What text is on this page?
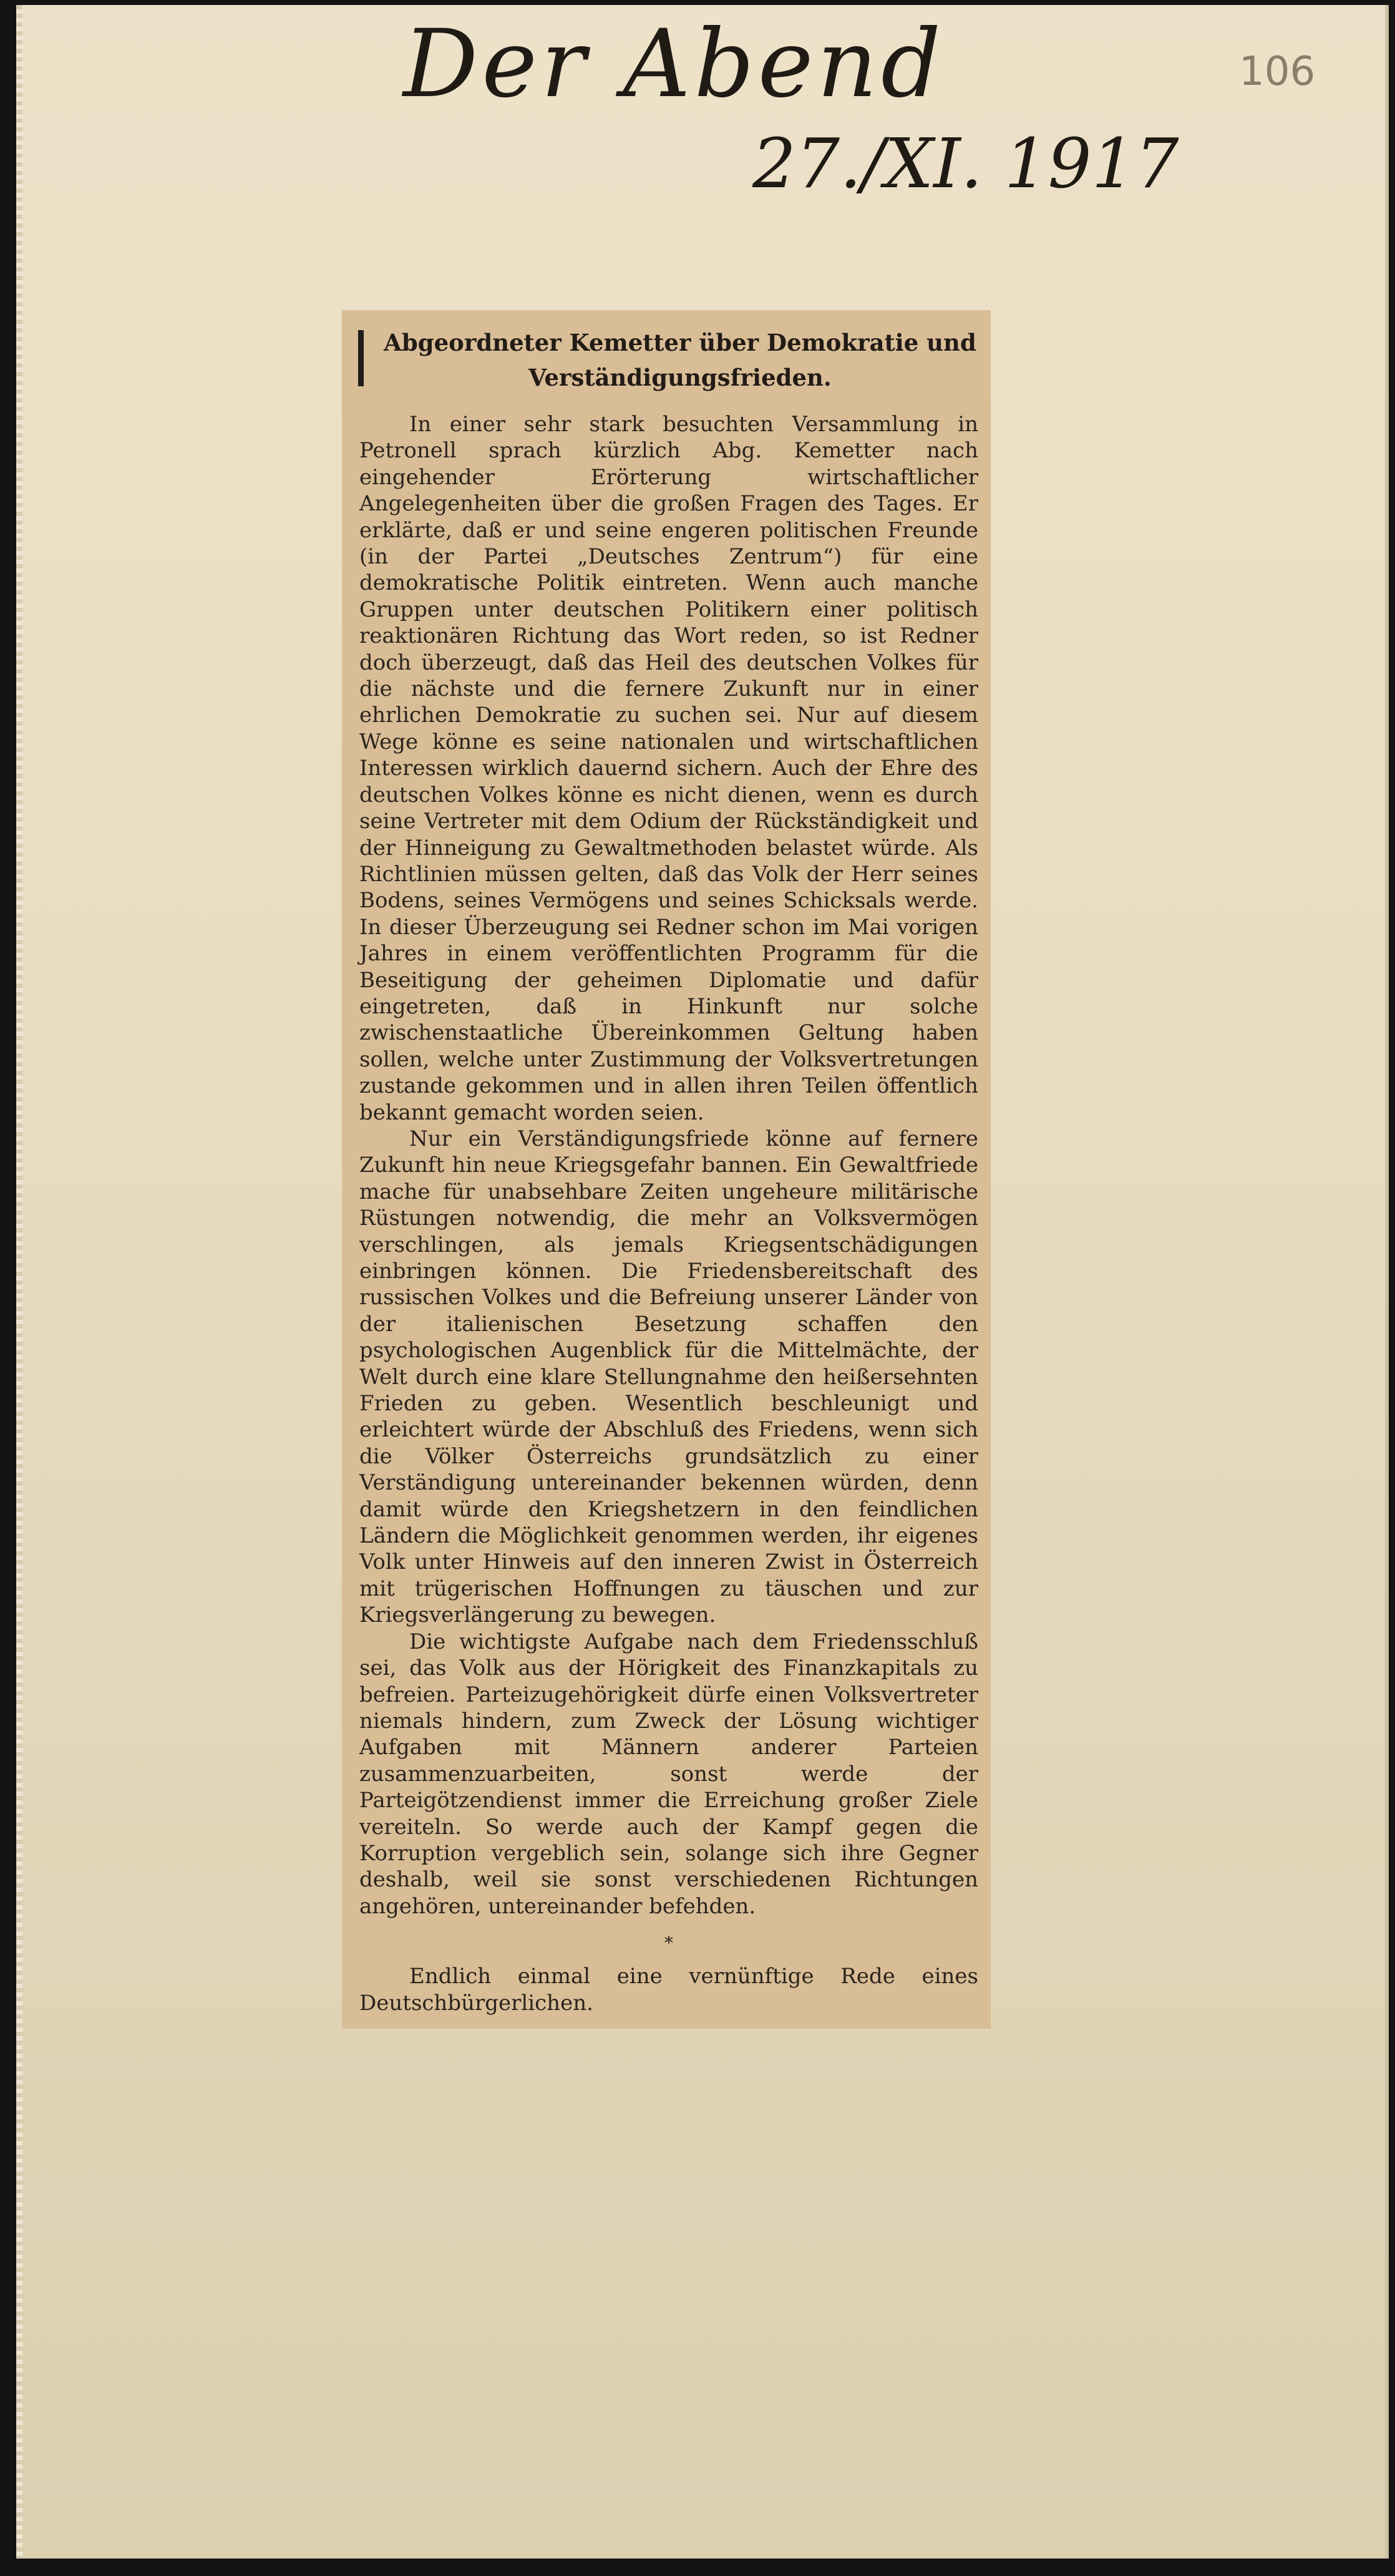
Der Abend
27./XI. 1917
106
Abgeordneter Kemetter über Demokratie und Verständigungsfrieden.

In einer sehr stark besuchten Versammlung in Petronell sprach kürzlich Abg. Kemetter nach eingehender Erörterung wirtschaftlicher Angelegenheiten über die großen Fragen des Tages. Er erklärte, daß er und seine engeren politischen Freunde (in der Partei „Deutsches Zentrum“) für eine demokratische Politik eintreten. Wenn auch manche Gruppen unter deutschen Politikern einer politisch reaktionären Richtung das Wort reden, so ist Redner doch überzeugt, daß das Heil des deutschen Volkes für die nächste und die fernere Zukunft nur in einer ehrlichen Demokratie zu suchen sei. Nur auf diesem Wege könne es seine nationalen und wirtschaftlichen Interessen wirklich dauernd sichern. Auch der Ehre des deutschen Volkes könne es nicht dienen, wenn es durch seine Vertreter mit dem Odium der Rückständigkeit und der Hinneigung zu Gewaltmethoden belastet würde. Als Richtlinien müssen gelten, daß das Volk der Herr seines Bodens, seines Vermögens und seines Schicksals werde. In dieser Überzeugung sei Redner schon im Mai vorigen Jahres in einem veröffentlichten Programm für die Beseitigung der geheimen Diplomatie und dafür eingetreten, daß in Hinkunft nur solche zwischenstaatliche Übereinkommen Geltung haben sollen, welche unter Zustimmung der Volksvertretungen zustande gekommen und in allen ihren Teilen öffentlich bekannt gemacht worden seien.

Nur ein Verständigungsfriede könne auf fernere Zukunft hin neue Kriegsgefahr bannen. Ein Gewaltfriede mache für unabsehbare Zeiten ungeheure militärische Rüstungen notwendig, die mehr an Volksvermögen verschlingen, als jemals Kriegsentschädigungen einbringen können. Die Friedensbereitschaft des russischen Volkes und die Befreiung unserer Länder von der italienischen Besetzung schaffen den psychologischen Augenblick für die Mittelmächte, der Welt durch eine klare Stellungnahme den heißersehnten Frieden zu geben. Wesentlich beschleunigt und erleichtert würde der Abschluß des Friedens, wenn sich die Völker Österreichs grundsätzlich zu einer Verständigung untereinander bekennen würden, denn damit würde den Kriegshetzern in den feindlichen Ländern die Möglichkeit genommen werden, ihr eigenes Volk unter Hinweis auf den inneren Zwist in Österreich mit trügerischen Hoffnungen zu täuschen und zur Kriegsverlängerung zu bewegen.

Die wichtigste Aufgabe nach dem Friedensschluß sei, das Volk aus der Hörigkeit des Finanzkapitals zu befreien. Parteizugehörigkeit dürfe einen Volksvertreter niemals hindern, zum Zweck der Lösung wichtiger Aufgaben mit Männern anderer Parteien zusammenzuarbeiten, sonst werde der Parteigötzendienst immer die Erreichung großer Ziele vereiteln. So werde auch der Kampf gegen die Korruption vergeblich sein, solange sich ihre Gegner deshalb, weil sie sonst verschiedenen Richtungen angehören, untereinander befehden.

*

Endlich einmal eine vernünftige Rede eines Deutschbürgerlichen.
